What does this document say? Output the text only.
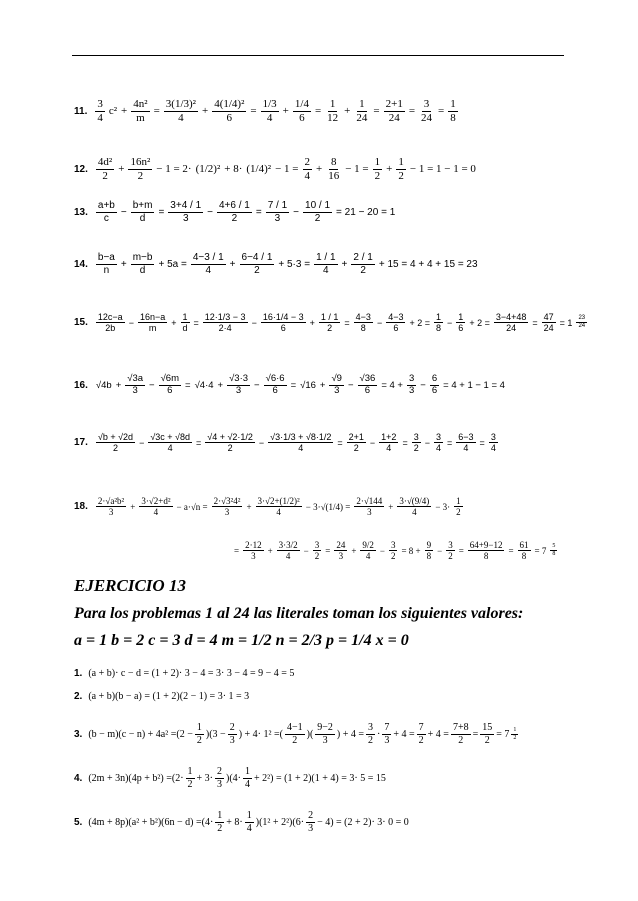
11. $\frac{3}{4} c^2 + \frac{\text{4n²}}{m} = \frac{\text{3(1/3)²}}{4} + \frac{\text{4(1/4)²}}{6} = \frac{1/3}{4} + \frac{1/4}{6} = \frac{1}{12} + \frac{1}{24} = \frac{2+1}{24} = \frac{3}{24} = \frac{1}{8}$
12. $\frac{\text{4d²}}{2} + \frac{\text{16n²}}{2} - 1 = 2\cdot (1/2)^2 + 8\cdot (1/4)^2 - 1 = \frac{2}{4} + \frac{8}{16} - 1 = \frac{1}{2} + \frac{1}{2} - 1 = 1 - 1 = 0$
13. $\frac{a+b}{c} - \frac{b+m}{d} = \frac{3+4 / 1}{3} - \frac{4+6 / 1}{2} = \frac{7 / 1}{3} - \frac{10 / 1}{2} = 21 - 20 = 1$
14. $\frac{b-a}{n} + \frac{m-b}{d} + 5a = \frac{4-3 / 1}{4} + \frac{6-4 / 1}{2} + 5\cdot 3 = \frac{1 / 1}{4} + \frac{2 / 1}{2} + 15 = 4 + 4 + 15 = 23$
15. $\frac{12c-a}{2b} - \frac{16n-a}{m} + \frac{1}{d} = \frac{12\cdot 1/3 - 3}{2\cdot 4} - \frac{16\cdot 1/4 - 3}{6} + \frac{1 / 1}{2} = \frac{4-3}{8} - \frac{4-3}{6} + 2 = \frac{1}{8} - \frac{1}{6} + 2 = \frac{3-4+48}{24} = \frac{47}{24} = 1 \frac{23}{24}$
16. $√4b + \frac{√3a}{3} - \frac{√6m}{6} = √4\cdot 4 + \frac{√3\cdot 3}{3} - \frac{√6\cdot 6}{6} = √16 + \frac{√9}{3} - \frac{√36}{6} = 4 + \frac{3}{3} - \frac{6}{6} = 4 + 1 - 1 = 4$
17. $\frac{√b + √2d}{2} - \frac{√3c + √8d}{4} = \frac{√4 + √2\cdot 1/2}{2} - \frac{√3\cdot 1/3 + √8\cdot 1/2}{4} = \frac{2+1}{2} - \frac{1+2}{4} = \frac{3}{2} - \frac{3}{4} = \frac{6-3}{4} = \frac{3}{4}$
18. $\frac{\text{2·√a²b²}}{3} + \frac{\text{3·√2+d²}}{4} - a\cdot√n = \frac{\text{2·√3²4²}}{3} + \frac{\text{3·√2+(1/2)²}}{4} - 3\cdot√(1/4) = \frac{2\cdot√144}{3} + \frac{3\cdot√(9/4)}{4} - 3\cdot \frac{1}{2}$
= $\frac{2\cdot 12}{3} + \frac{3\cdot 3/2}{4} - \frac{3}{2} = \frac{24}{3} + \frac{9/2}{4} - \frac{3}{2} = 8 + \frac{9}{8} - \frac{3}{2} = \frac{64+9-12}{8} = \frac{61}{8} = 7 \frac{5}{8}$
EJERCICIO 13
Para los problemas 1 al 24 las literales toman los siguientes valores:
a = 1 b = 2 c = 3 d = 4 m = 1/2 n = 2/3 p = 1/4 x = 0
1. (a + b)· c − d = (1 + 2)· 3 − 4 = 3· 3 − 4 = 9 − 4 = 5
2. (a + b)(b − a) = (1 + 2)(2 − 1) = 3· 1 = 3
3. $(b - m)(c - n) + 4a^2 = (2 - \frac{1}{2} )(3 - \frac{2}{3}$ ) + 4· 1² = ( $\frac{4-1}{2}$ )( $\frac{9-2}{3}$ ) + $4 = \frac{3}{2} \cdot \frac{7}{3} + 4 = \frac{7}{2} + 4 = \frac{7+8}{2} = \frac{15}{2} = 7 \frac{1}{2}$
4. $(2m + 3n)(4p + b^2) = (2\cdot \frac{1}{2} + 3\cdot \frac{2}{3} )(4\cdot \frac{1}{4} + 2^2) = (1 + 2)(1 + 4) = 3\cdot 5 = 15$
5. $(4m + 8p)(a^2 + b^2)(6n - d) = (4\cdot \frac{1}{2} + 8\cdot \frac{1}{4} )(1^2 + 2^2)(6\cdot \frac{2}{3} - 4) = (2 + 2)\cdot 3\cdot 0 = 0$
